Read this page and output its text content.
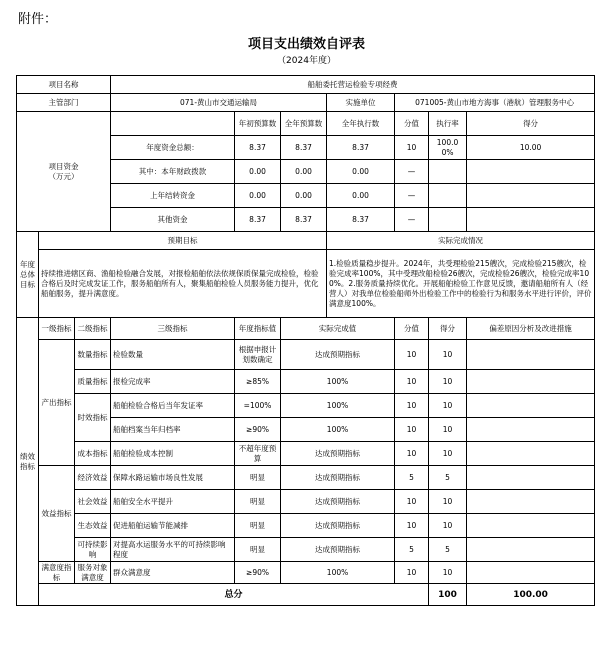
附件：
项目支出绩效自评表
（2024年度）
项目名称			船舶委托营运检验专项经费							
主管部门			071-黄山市交通运输局			实施单位	071005-黄山市地方海事（港航）管理服务中心			
项目资金
（万元）				年初预算数	全年预算数	全年执行数	分值	执行率	得分	
			年度资金总额：	8.37	8.37	8.37	10	100.00%	10.00	
			其中：本年财政拨款	0.00	0.00	0.00	—			
			上年结转资金	0.00	0.00	0.00	—			
			其他资金	8.37	8.37	8.37	—			
年度总体目标	预期目标					实际完成情况				
	持续推进辖区商、渔船检验融合发展，对报检船舶依法依规保质保量完成检验，检验合格后及时完成发证工作，服务船舶所有人，聚集船舶检验人员服务能力提升，优化船舶服务，提升满意度。					1.检验质量稳步提升。2024年，共受理检验215艘次，完成检验215艘次，检验完成率100%，其中受理改船检验26艘次，完成检验26艘次，检验完成率100%。2.服务质量持续优化。开展船舶检验工作意见反馈，邀请船舶所有人（经营人）对我单位检验船师外出检验工作中的检验行为和服务水平进行评价，评价满意度100%。				
绩效指标	一级指标	二级指标	三级指标	年度指标值	实际完成值		分值	得分	偏差原因分析及改进措施	
	产出指标	数量指标	检验数量	根据申报计划数确定	达成预期指标		10	10		
		质量指标	报检完成率	≥85%	100%		10	10		
		时效指标	船舶检验合格后当年发证率	=100%	100%		10	10		
			船舶档案当年归档率	≥90%	100%		10	10		
		成本指标	船舶检验成本控制	不超年度预算	达成预期指标		10	10		
	效益指标	经济效益	保障水路运输市场良性发展	明显	达成预期指标		5	5		
		社会效益	船舶安全水平提升	明显	达成预期指标		10	10		
		生态效益	促进船舶运输节能减排	明显	达成预期指标		10	10		
		可持续影响	对提高水运服务水平的可持续影响程度	明显	达成预期指标		5	5		
	满意度指标	服务对象满意度	群众满意度	≥90%	100%		10	10		
	总分							100	100.00	
